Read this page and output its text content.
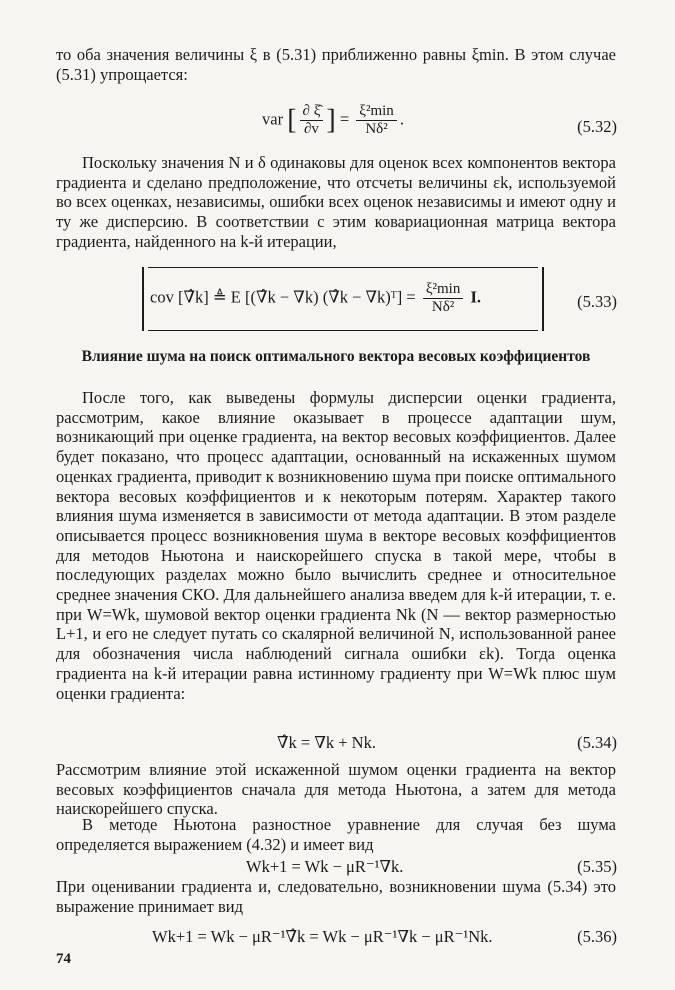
то оба значения величины ξ в (5.31) приближенно равны ξmin. В этом случае (5.31) упрощается:
var [ $\frac{\partial \xî}{\partial v}$ ] = $\frac{\text{ξ²min}}{\text{Nδ²}}$ .	(5.32)
Поскольку значения N и δ одинаковы для оценок всех компонентов вектора градиента и сделано предположение, что отсчеты величины εk, используемой во всех оценках, независимы, ошибки всех оценок независимы и имеют одну и ту же дисперсию. В соответствии с этим ковариационная матрица вектора градиента, найденного на k-й итерации,
cov [∇̂k] ≜ E [(∇̂k − ∇k) (∇̂k − ∇k)ᵀ] = $\frac{\text{ξ²min}}{\text{Nδ²}} I$.	(5.33)
Влияние шума на поиск оптимального вектора весовых коэффициентов
После того, как выведены формулы дисперсии оценки градиента, рассмотрим, какое влияние оказывает в процессе адаптации шум, возникающий при оценке градиента, на вектор весовых коэффициентов. Далее будет показано, что процесс адаптации, основанный на искаженных шумом оценках градиента, приводит к возникновению шума при поиске оптимального вектора весовых коэффициентов и к некоторым потерям. Характер такого влияния шума изменяется в зависимости от метода адаптации. В этом разделе описывается процесс возникновения шума в векторе весовых коэффициентов для методов Ньютона и наискорейшего спуска в такой мере, чтобы в последующих разделах можно было вычислить среднее и относительное среднее значения СКО. Для дальнейшего анализа введем для k-й итерации, т. е. при W=Wk, шумовой вектор оценки градиента Nk (N — вектор размерностью L+1, и его не следует путать со скалярной величиной N, использованной ранее для обозначения числа наблюдений сигнала ошибки εk). Тогда оценка градиента на k-й итерации равна истинному градиенту при W=Wk плюс шум оценки градиента:
∇̂k = ∇k + Nk.	(5.34)
Рассмотрим влияние этой искаженной шумом оценки градиента на вектор весовых коэффициентов сначала для метода Ньютона, а затем для метода наискорейшего спуска.
В методе Ньютона разностное уравнение для случая без шума определяется выражением (4.32) и имеет вид
Wk+1 = Wk − μR⁻¹∇k.	(5.35)
При оценивании градиента и, следовательно, возникновении шума (5.34) это выражение принимает вид
Wk+1 = Wk − μR⁻¹∇̂k = Wk − μR⁻¹∇k − μR⁻¹Nk.	(5.36)
74
